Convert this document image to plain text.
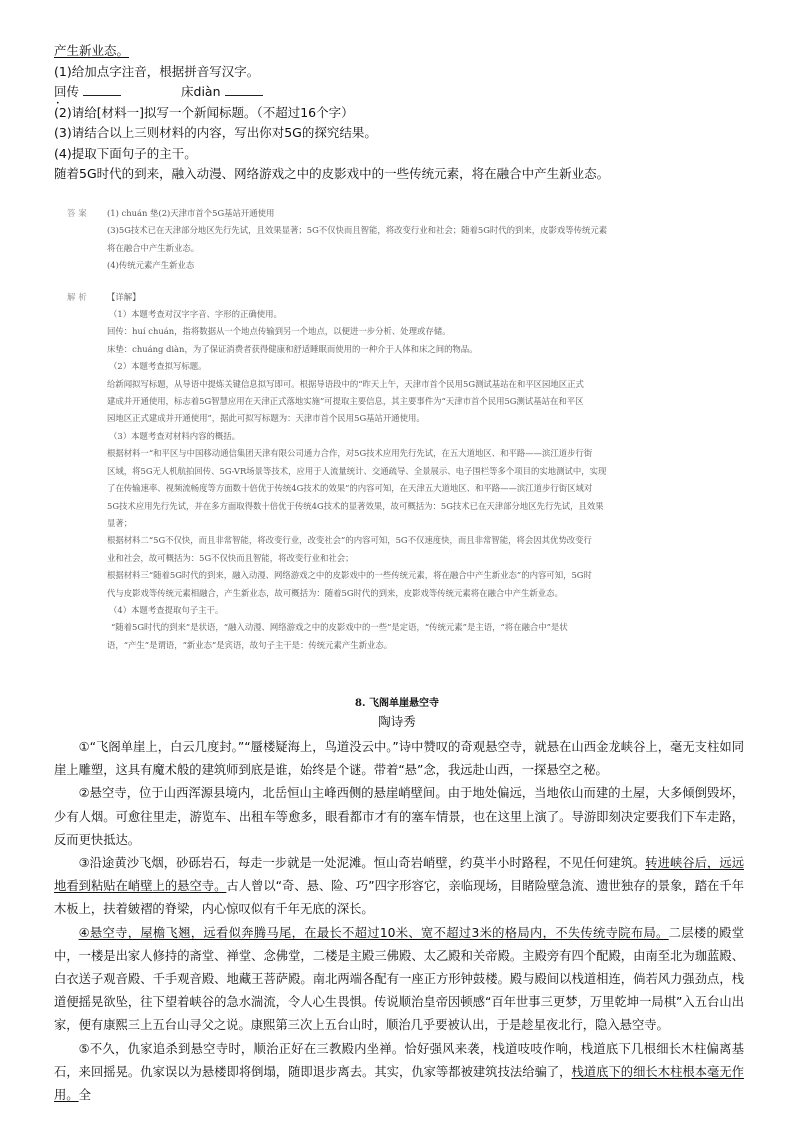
产生新业态。
(1)给加点字注音，根据拼音写汉字。
回传	床diàn
(2)请给[材料一]拟写一个新闻标题。（不超过16个字）
(3)请结合以上三则材料的内容，写出你对5G的探究结果。
(4)提取下面句子的主干。
随着5G时代的到来，融入动漫、网络游戏之中的皮影戏中的一些传统元素，将在融合中产生新业态。
答案 (1) chuán 垫(2)天津市首个5G基站开通使用
(3)5G技术已在天津部分地区先行先试，且效果显著；5G不仅快而且智能，将改变行业和社会；随着5G时代的到来，皮影戏等传统元素
将在融合中产生新业态。
(4)传统元素产生新业态
解析 【详解】
（1）本题考查对汉字字音、字形的正确使用。
回传：huí chuán，指将数据从一个地点传输到另一个地点，以便进一步分析、处理或存储。
床垫：chuáng diàn，为了保证消费者获得健康和舒适睡眠而使用的一种介于人体和床之间的物品。
（2）本题考查拟写标题。
给新闻拟写标题，从导语中提炼关键信息拟写即可。根据导语段中的“昨天上午，天津市首个民用5G测试基站在和平区园地区正式
建成并开通使用，标志着5G智慧应用在天津正式落地实施”可提取主要信息，其主要事件为“天津市首个民用5G测试基站在和平区
园地区正式建成并开通使用”，据此可拟写标题为：天津市首个民用5G基站开通使用。
（3）本题考查对材料内容的概括。
根据材料一“和平区与中国移动通信集团天津有限公司通力合作，对5G技术应用先行先试，在五大道地区、和平路——滨江道步行街
区域，将5G无人机航拍回传、5G-VR场景等技术，应用于人流量统计、交通疏导、全景展示、电子围栏等多个项目的实地测试中，实现
了在传输速率、视频流畅度等方面数十倍优于传统4G技术的效果”的内容可知，在天津五大道地区、和平路——滨江道步行街区域对
5G技术应用先行先试，并在多方面取得数十倍优于传统4G技术的显著效果，故可概括为：5G技术已在天津部分地区先行先试，且效果
显著；
根据材料二“5G不仅快，而且非常智能，将改变行业，改变社会”的内容可知，5G不仅速度快，而且非常智能，将会因其优势改变行
业和社会，故可概括为：5G不仅快而且智能，将改变行业和社会；
根据材料三“随着5G时代的到来，融入动漫、网络游戏之中的皮影戏中的一些传统元素，将在融合中产生新业态”的内容可知，5G时
代与皮影戏等传统元素相融合，产生新业态，故可概括为：随着5G时代的到来，皮影戏等传统元素将在融合中产生新业态。
（4）本题考查提取句子主干。
“随着5G时代的到来”是状语，“融入动漫、网络游戏之中的皮影戏中的一些”是定语，“传统元素”是主语，“将在融合中”是状
语，“产生”是谓语，“新业态”是宾语，故句子主干是：传统元素产生新业态。
8. 飞阁单崖悬空寺
陶诗秀

①“飞阁单崖上，白云几度封。”“蜃楼疑海上，鸟道没云中。”诗中赞叹的奇观悬空寺，就悬在山西金龙峡谷上，毫无支柱如同崖上雕塑，这具有魔术般的建筑师到底是谁，始终是个谜。带着“悬”念，我远赴山西，一探悬空之秘。

②悬空寺，位于山西浑源县境内，北岳恒山主峰西侧的悬崖峭壁间。由于地处偏远，当地依山而建的土屋，大多倾倒毁坏，少有人烟。可愈往里走，游览车、出租车等愈多，眼看都市才有的塞车情景，也在这里上演了。导游即刻决定要我们下车走路，反而更快抵达。

③沿途黄沙飞烟，砂砾岩石，每走一步就是一处泥滩。恒山奇岩峭壁，约莫半小时路程，不见任何建筑。转进峡谷后，远远地看到粘贴在峭壁上的悬空寺。古人曾以“奇、悬、险、巧”四字形容它，亲临现场，目睹险壁急流、遗世独存的景象，踏在千年木板上，扶着皴褶的脊梁，内心惊叹似有千年无底的深长。

④悬空寺，屋檐飞翘，远看似奔腾马尾，在最长不超过10米、宽不超过3米的格局内，不失传统寺院布局。二层楼的殿堂中，一楼是出家人修持的斋堂、禅堂、念佛堂，二楼是主殿三佛殿、太乙殿和关帝殿。主殿旁有四个配殿，由南至北为珈蓝殿、白衣送子观音殿、千手观音殿、地藏王菩萨殿。南北两端各配有一座正方形钟鼓楼。殿与殿间以栈道相连，倘若风力强劲点，栈道便摇晃欲坠，往下望着峡谷的急水湍流，令人心生畏惧。传说顺治皇帝因顿感“百年世事三更梦，万里乾坤一局棋”入五台山出家，便有康熙三上五台山寻父之说。康熙第三次上五台山时，顺治几乎要被认出，于是趁星夜北行，隐入悬空寺。

⑤不久，仇家追杀到悬空寺时，顺治正好在三教殿内坐禅。恰好强风来袭，栈道吱吱作响，栈道底下几根细长木柱偏离基石，来回摇晃。仇家误以为悬楼即将倒塌，随即退步离去。其实，仇家等都被建筑技法给骗了，栈道底下的细长木柱根本毫无作用。全
